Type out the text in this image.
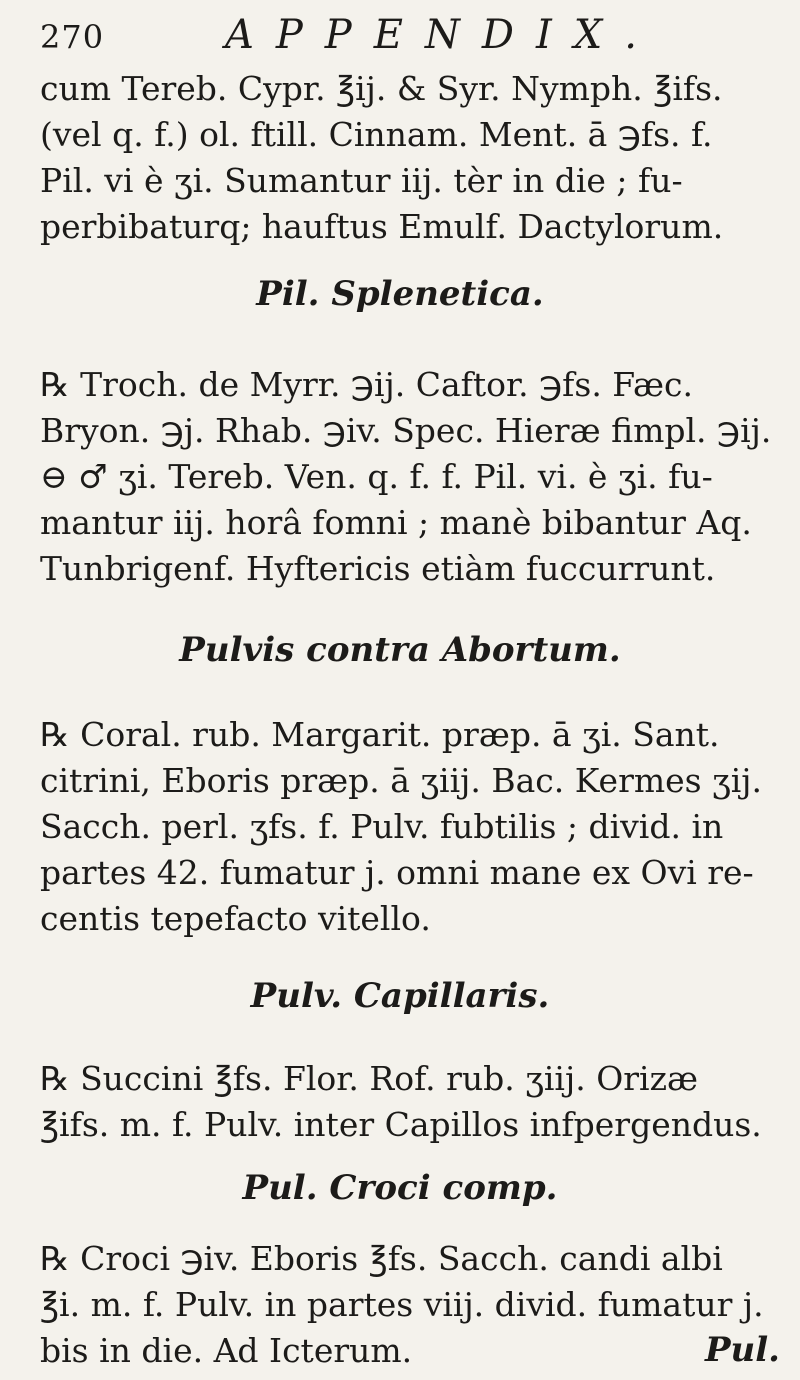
270	APPENDIX.

cum Tereb. Cypr. ℥ij. & Syr. Nymph. ℥ifs.
(vel q. f.) ol. ftill. Cinnam. Ment. ā ℈fs. f.
Pil. vi è ʒi. Sumantur iij. tèr in die ; fu-
perbibaturq; hauftus Emulf. Dactylorum.

Pil. Splenetica.

℞ Troch. de Myrr. ℈ij. Caftor. ℈fs. Fæc.
Bryon. ℈j. Rhab. ℈iv. Spec. Hieræ fimpl. ℈ij.
⊖ ♂ ʒi. Tereb. Ven. q. f. f. Pil. vi. è ʒi. fu-
mantur iij. horâ fomni ; manè bibantur Aq.
Tunbrigenf. Hyftericis etiàm fuccurrunt.

Pulvis contra Abortum.

℞ Coral. rub. Margarit. præp. ā ʒi. Sant.
citrini, Eboris præp. ā ʒiij. Bac. Kermes ʒij.
Sacch. perl. ʒfs. f. Pulv. fubtilis ; divid. in
partes 42. fumatur j. omni mane ex Ovi re-
centis tepefacto vitello.

Pulv. Capillaris.

℞ Succini ℥fs. Flor. Rof. rub. ʒiij. Orizæ
℥ifs. m. f. Pulv. inter Capillos infpergendus.

Pul. Croci comp.

℞ Croci ℈iv. Eboris ℥fs. Sacch. candi albi
℥i. m. f. Pulv. in partes viij. divid. fumatur j.
bis in die. Ad Icterum.	Pul.
